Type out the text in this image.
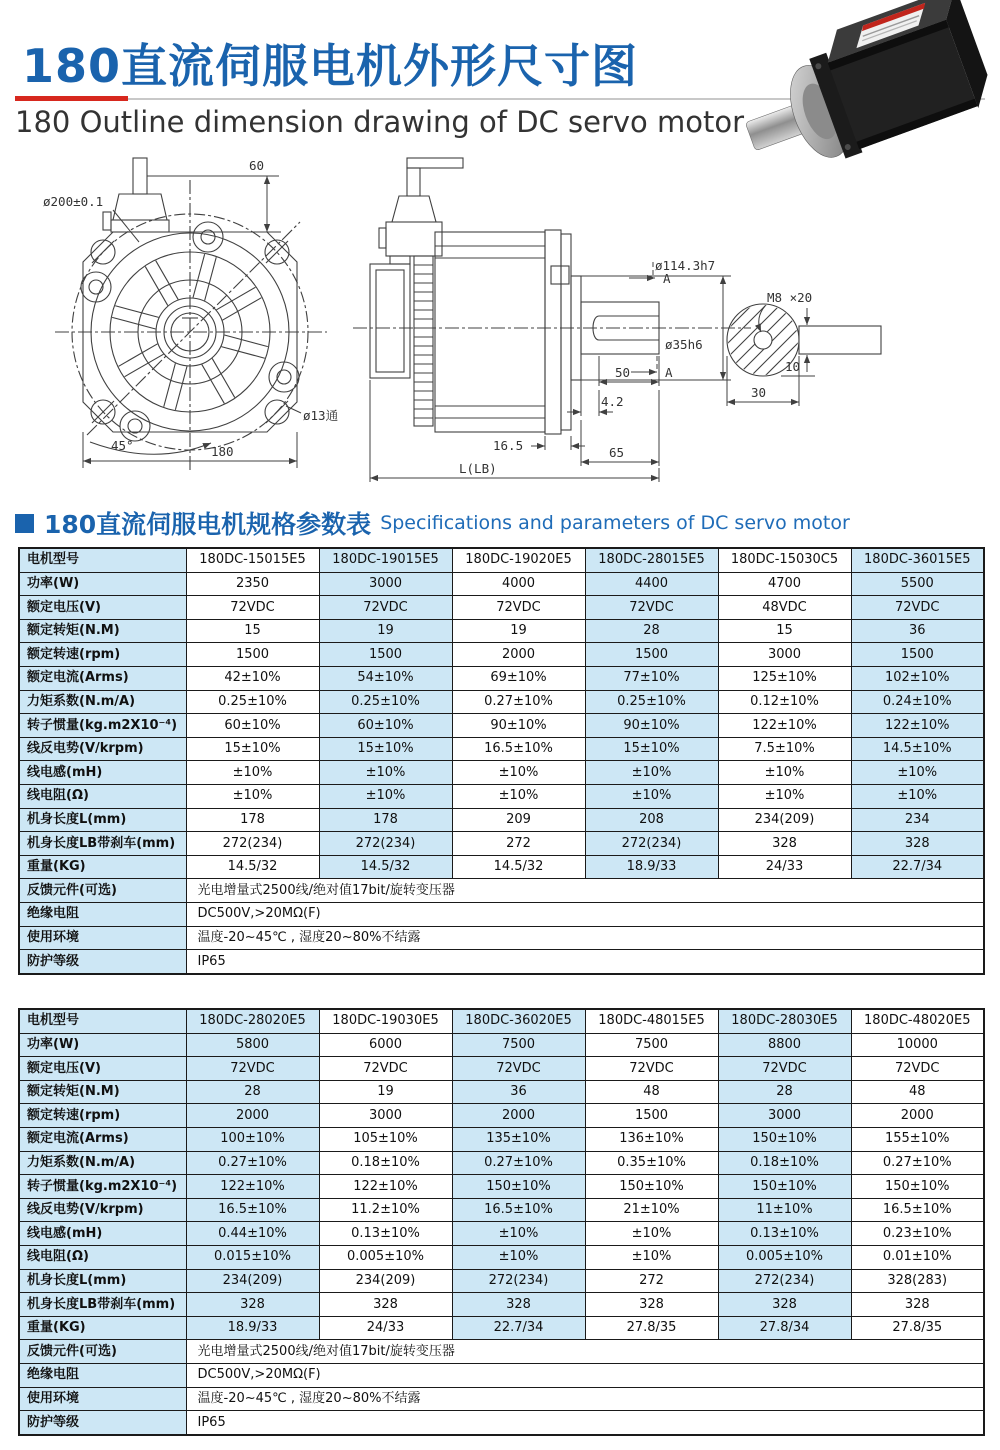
180直流伺服电机外形尺寸图
180 Outline dimension drawing of DC servo motor
ø200±0.1
60
ø13通
45°	180
A
A
ø114.3h7
ø35h6
50
4.2
16.5	65
L(LB)
M8 ×20
10
30
180直流伺服电机规格参数表 Specifications and parameters of DC servo motor
电机型号	180DC-15015E5	180DC-19015E5	180DC-19020E5	180DC-28015E5	180DC-15030C5	180DC-36015E5
功率(W)	2350	3000	4000	4400	4700	5500
额定电压(V)	72VDC	72VDC	72VDC	72VDC	48VDC	72VDC
额定转矩(N.M)	15	19	19	28	15	36
额定转速(rpm)	1500	1500	2000	1500	3000	1500
额定电流(Arms)	42±10%	54±10%	69±10%	77±10%	125±10%	102±10%
力矩系数(N.m/A)	0.25±10%	0.25±10%	0.27±10%	0.25±10%	0.12±10%	0.24±10%
转子惯量(kg.m2X10⁻⁴)	60±10%	60±10%	90±10%	90±10%	122±10%	122±10%
线反电势(V/krpm)	15±10%	15±10%	16.5±10%	15±10%	7.5±10%	14.5±10%
线电感(mH)	±10%	±10%	±10%	±10%	±10%	±10%
线电阻(Ω)	±10%	±10%	±10%	±10%	±10%	±10%
机身长度L(mm)	178	178	209	208	234(209)	234
机身长度LB带刹车(mm)	272(234)	272(234)	272	272(234)	328	328
重量(KG)	14.5/32	14.5/32	14.5/32	18.9/33	24/33	22.7/34
反馈元件(可选)	光电增量式2500线/绝对值17bit/旋转变压器					
绝缘电阻	DC500V,>20MΩ(F)					
使用环境	温度-20~45℃ , 湿度20~80%不结露					
防护等级	IP65					
电机型号	180DC-28020E5	180DC-19030E5	180DC-36020E5	180DC-48015E5	180DC-28030E5	180DC-48020E5
功率(W)	5800	6000	7500	7500	8800	10000
额定电压(V)	72VDC	72VDC	72VDC	72VDC	72VDC	72VDC
额定转矩(N.M)	28	19	36	48	28	48
额定转速(rpm)	2000	3000	2000	1500	3000	2000
额定电流(Arms)	100±10%	105±10%	135±10%	136±10%	150±10%	155±10%
力矩系数(N.m/A)	0.27±10%	0.18±10%	0.27±10%	0.35±10%	0.18±10%	0.27±10%
转子惯量(kg.m2X10⁻⁴)	122±10%	122±10%	150±10%	150±10%	150±10%	150±10%
线反电势(V/krpm)	16.5±10%	11.2±10%	16.5±10%	21±10%	11±10%	16.5±10%
线电感(mH)	0.44±10%	0.13±10%	±10%	±10%	0.13±10%	0.23±10%
线电阻(Ω)	0.015±10%	0.005±10%	±10%	±10%	0.005±10%	0.01±10%
机身长度L(mm)	234(209)	234(209)	272(234)	272	272(234)	328(283)
机身长度LB带刹车(mm)	328	328	328	328	328	328
重量(KG)	18.9/33	24/33	22.7/34	27.8/35	27.8/34	27.8/35
反馈元件(可选)	光电增量式2500线/绝对值17bit/旋转变压器					
绝缘电阻	DC500V,>20MΩ(F)					
使用环境	温度-20~45℃ , 湿度20~80%不结露					
防护等级	IP65					
